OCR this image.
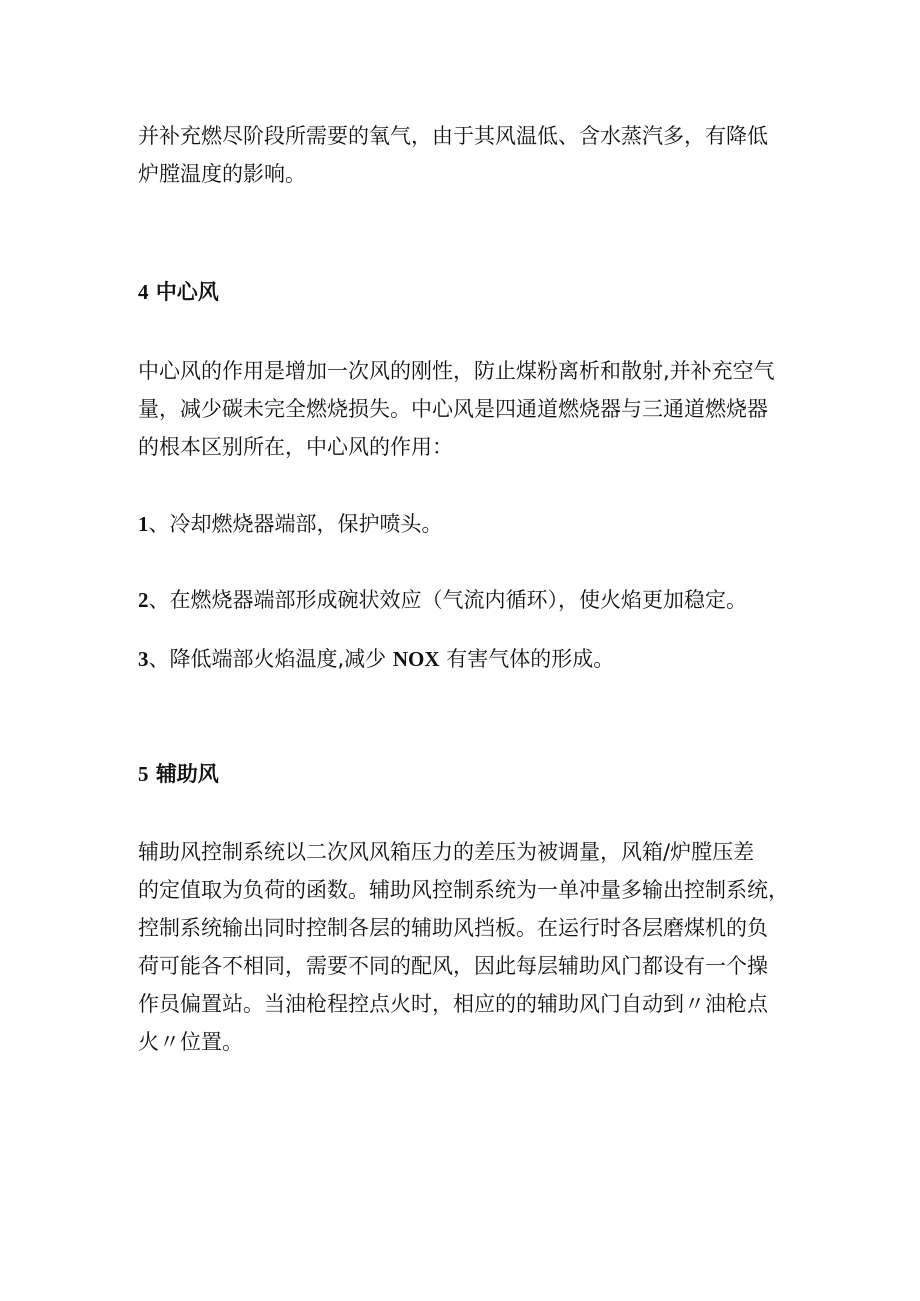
并补充燃尽阶段所需要的氧气，由于其风温低、含水蒸汽多，有降低
炉膛温度的影响。
4 中心风
中心风的作用是增加一次风的刚性，防止煤粉离析和散射,并补充空气
量，减少碳未完全燃烧损失。中心风是四通道燃烧器与三通道燃烧器
的根本区别所在，中心风的作用：
1、冷却燃烧器端部，保护喷头。
2、在燃烧器端部形成碗状效应（气流内循环），使火焰更加稳定。
3、降低端部火焰温度,减少 NOX 有害气体的形成。
5 辅助风
辅助风控制系统以二次风风箱压力的差压为被调量，风箱/炉膛压差
的定值取为负荷的函数。辅助风控制系统为一单冲量多输出控制系统，
控制系统输出同时控制各层的辅助风挡板。在运行时各层磨煤机的负
荷可能各不相同，需要不同的配风，因此每层辅助风门都设有一个操
作员偏置站。当油枪程控点火时，相应的的辅助风门自动到〃油枪点
火〃位置。
